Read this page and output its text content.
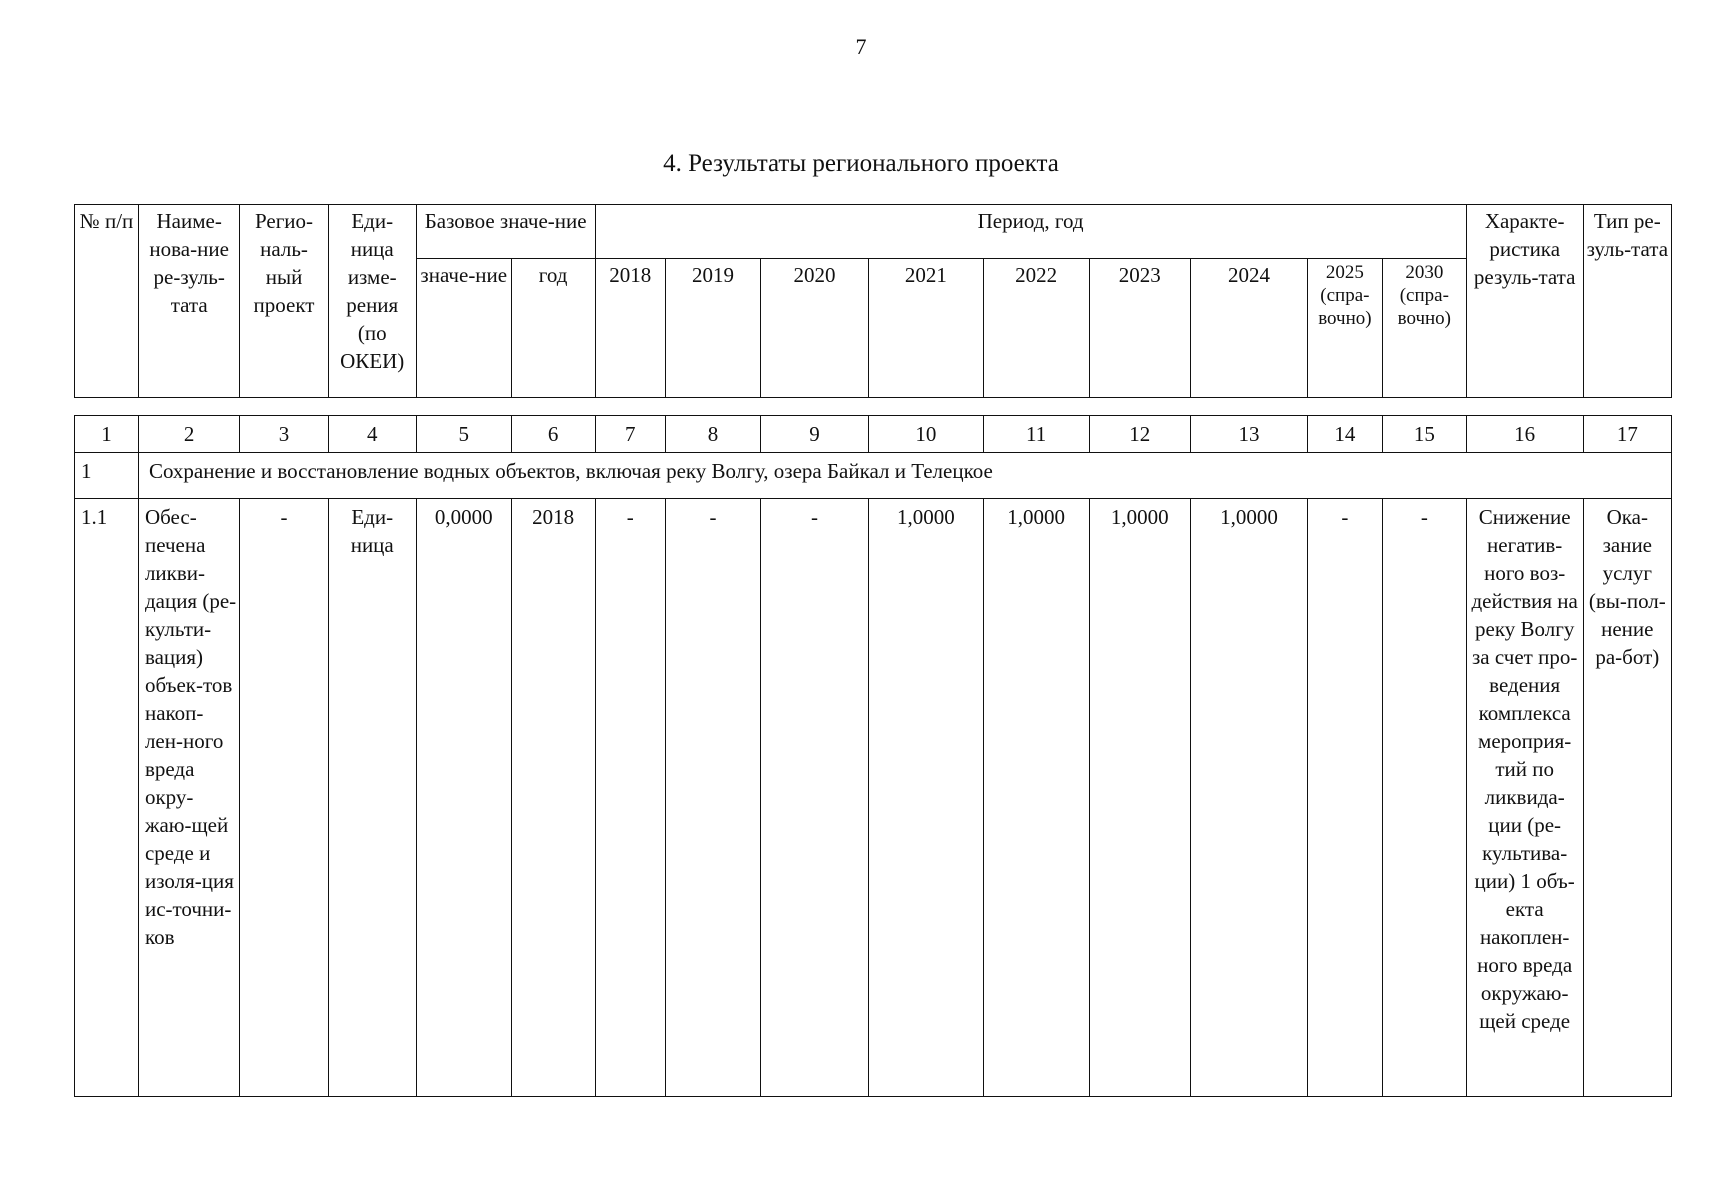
7
4. Результаты регионального проекта
№ п/п	Наиме-нова-ние ре-зуль-тата	Регио-наль-ный проект	Еди-ница изме-рения (по ОКЕИ)	Базовое значе-ние		Период, год									Характе-ристика резуль-тата	Тип ре-зуль-тата
				значе-ние	год	2018	2019	2020	2021	2022	2023	2024	2025 (спра-вочно)	2030 (спра-вочно)		
1	2	3	4	5	6	7	8	9	10	11	12	13	14	15	16	17
1	Сохранение и восстановление водных объектов, включая реку Волгу, озера Байкал и Телецкое															
1.1	Обес-печена ликви-дация (ре-культи-вация) объек-тов накоп-лен-ного вреда окру-жаю-щей среде и изоля-ция ис-точни-ков	-	Еди-ница	0,0000	2018	-	-	-	1,0000	1,0000	1,0000	1,0000	-	-	Снижение негатив-ного воз-действия на реку Волгу за счет про-ведения комплекса мероприя-тий по ликвида-ции (ре-культива-ции) 1 объ-екта накоплен-ного вреда окружаю-щей среде	Ока-зание услуг (вы-пол-нение ра-бот)
